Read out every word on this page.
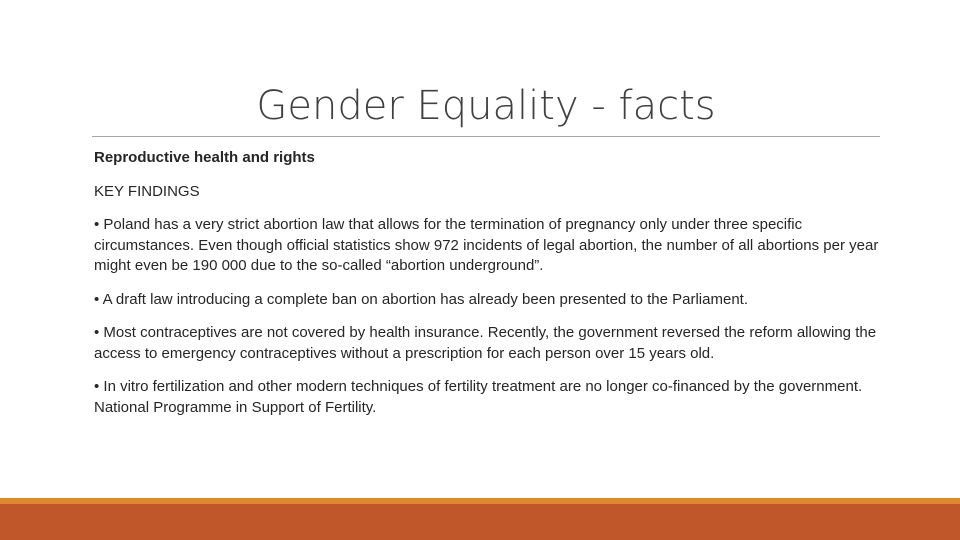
Gender Equality - facts

Reproductive health and rights

KEY FINDINGS

• Poland has a very strict abortion law that allows for the termination of pregnancy only under three specific circumstances. Even though official statistics show 972 incidents of legal abortion, the number of all abortions per year might even be 190 000 due to the so-called “abortion underground”.

• A draft law introducing a complete ban on abortion has already been presented to the Parliament.

• Most contraceptives are not covered by health insurance. Recently, the government reversed the reform allowing the access to emergency contraceptives without a prescription for each person over 15 years old.

• In vitro fertilization and other modern techniques of fertility treatment are no longer co-financed by the government. National Programme in Support of Fertility.
